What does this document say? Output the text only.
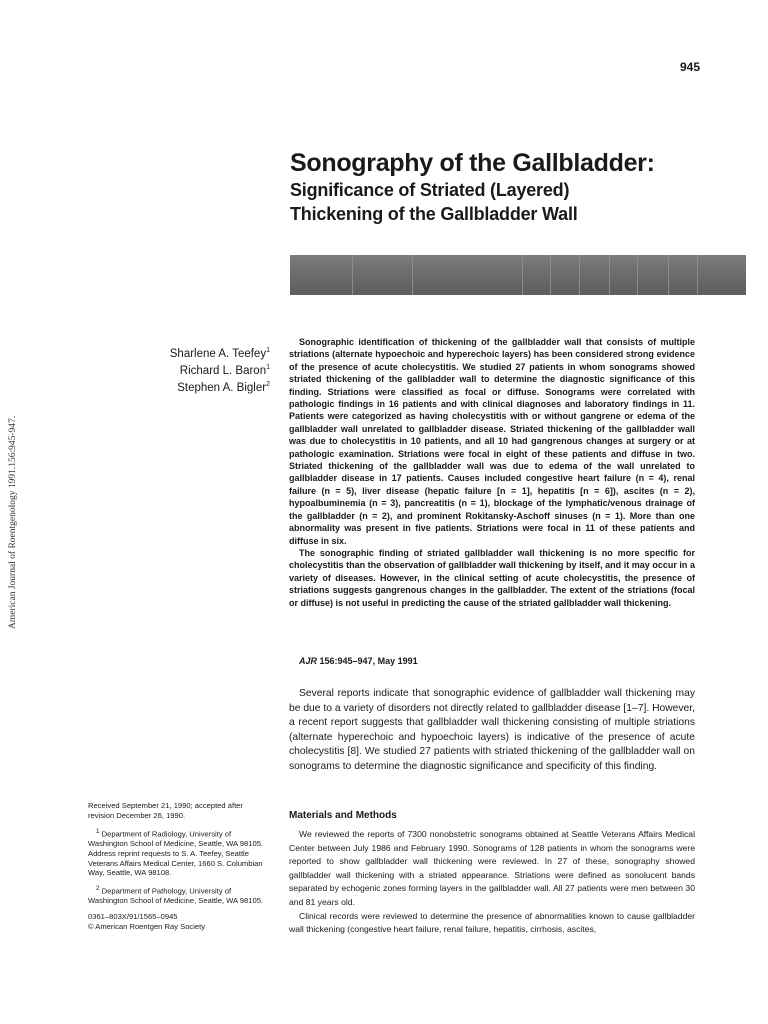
945
American Journal of Roentgenology 1991.156:945-947.
Sonography of the Gallbladder:
Significance of Striated (Layered)
Thickening of the Gallbladder Wall
Sharlene A. Teefey$^1$
Richard L. Baron$^1$
Stephen A. Bigler$^2$

Sonographic identification of thickening of the gallbladder wall that consists of multiple striations (alternate hypoechoic and hyperechoic layers) has been considered strong evidence of the presence of acute cholecystitis. We studied 27 patients in whom sonograms showed striated thickening of the gallbladder wall to determine the diagnostic significance of this finding. Striations were classified as focal or diffuse. Sonograms were correlated with pathologic findings in 16 patients and with clinical diagnoses and laboratory findings in 11. Patients were categorized as having cholecystitis with or without gangrene or edema of the gallbladder wall unrelated to gallbladder disease. Striated thickening of the gallbladder wall was due to cholecystitis in 10 patients, and all 10 had gangrenous changes at surgery or at pathologic examination. Striations were focal in eight of these patients and diffuse in two. Striated thickening of the gallbladder wall was due to edema of the wall unrelated to gallbladder disease in 17 patients. Causes included congestive heart failure (n = 4), renal failure (n = 5), liver disease (hepatic failure [n = 1], hepatitis [n = 6]), ascites (n = 2), hypoalbuminemia (n = 3), pancreatitis (n = 1), blockage of the lymphatic/venous drainage of the gallbladder (n = 2), and prominent Rokitansky-Aschoff sinuses (n = 1). More than one abnormality was present in five patients. Striations were focal in 11 of these patients and diffuse in six.

The sonographic finding of striated gallbladder wall thickening is no more specific for cholecystitis than the observation of gallbladder wall thickening by itself, and it may occur in a variety of diseases. However, in the clinical setting of acute cholecystitis, the presence of striations suggests gangrenous changes in the gallbladder. The extent of the striations (focal or diffuse) is not useful in predicting the cause of the striated gallbladder wall thickening.

AJR 156:945–947, May 1991

Several reports indicate that sonographic evidence of gallbladder wall thickening may be due to a variety of disorders not directly related to gallbladder disease [1–7]. However, a recent report suggests that gallbladder wall thickening consisting of multiple striations (alternate hyperechoic and hypoechoic layers) is indicative of the presence of acute cholecystitis [8]. We studied 27 patients with striated thickening of the gallbladder wall on sonograms to determine the diagnostic significance and specificity of this finding.

Received September 21, 1990; accepted after revision December 26, 1990.

$^1$ Department of Radiology, University of Washington School of Medicine, Seattle, WA 98105. Address reprint requests to S. A. Teefey, Seattle Veterans Affairs Medical Center, 1660 S. Columbian Way, Seattle, WA 98108.

$^2$ Department of Pathology, University of Washington School of Medicine, Seattle, WA 98105.

0361–803X/91/1565–0945

© American Roentgen Ray Society

Materials and Methods

We reviewed the reports of 7300 nonobstetric sonograms obtained at Seattle Veterans Affairs Medical Center between July 1986 and February 1990. Sonograms of 128 patients in whom the sonograms were reported to show gallbladder wall thickening were reviewed. In 27 of these, sonography showed gallbladder wall thickening with a striated appearance. Striations were defined as sonolucent bands separated by echogenic zones forming layers in the gallbladder wall. All 27 patients were men between 30 and 81 years old.

Clinical records were reviewed to determine the presence of abnormalities known to cause gallbladder wall thickening (congestive heart failure, renal failure, hepatitis, cirrhosis, ascites,
